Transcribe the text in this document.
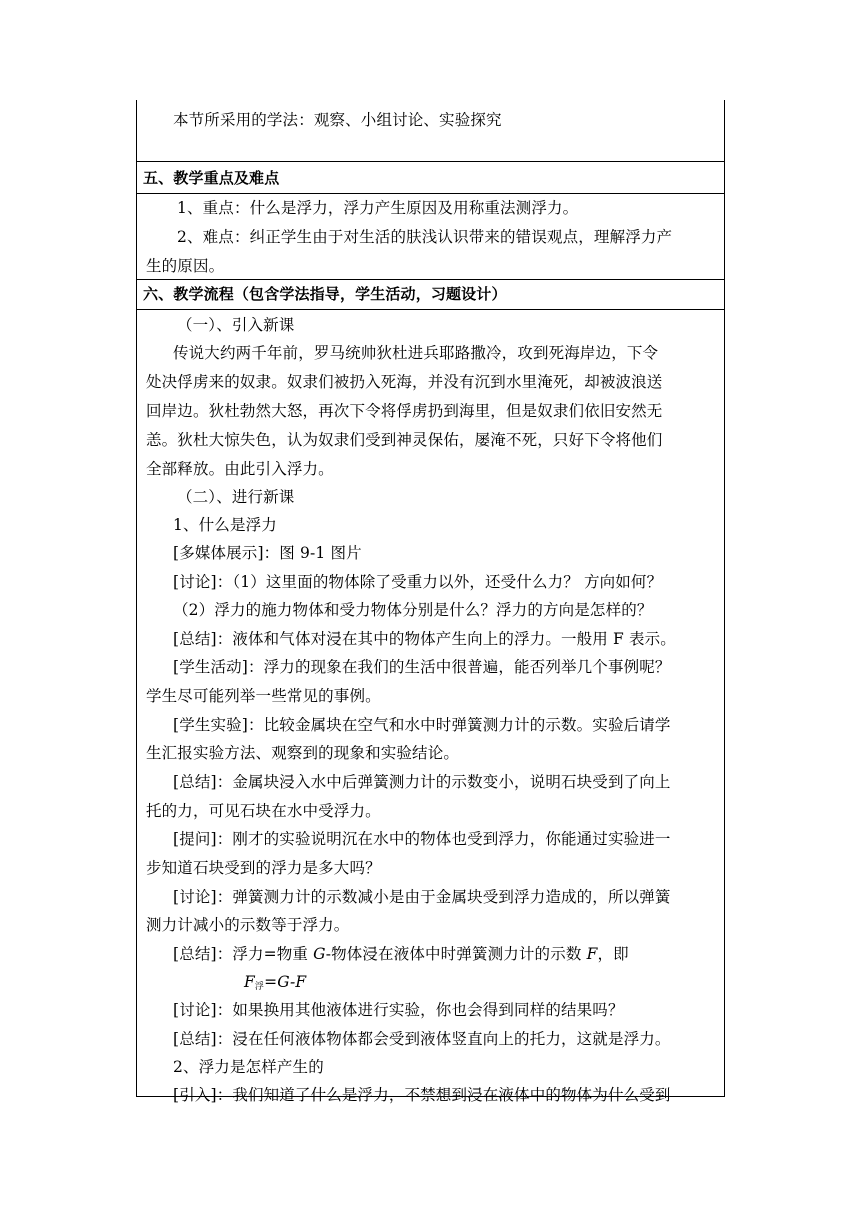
本节所采用的学法：观察、小组讨论、实验探究
五、教学重点及难点
1、重点：什么是浮力，浮力产生原因及用称重法测浮力。
2、难点：纠正学生由于对生活的肤浅认识带来的错误观点，理解浮力产
生的原因。
六、教学流程（包含学法指导，学生活动，习题设计）
（一）、引入新课
传说大约两千年前，罗马统帅狄杜进兵耶路撒冷，攻到死海岸边，下令
处决俘虏来的奴隶。奴隶们被扔入死海，并没有沉到水里淹死，却被波浪送
回岸边。狄杜勃然大怒，再次下令将俘虏扔到海里，但是奴隶们依旧安然无
恙。狄杜大惊失色，认为奴隶们受到神灵保佑，屡淹不死，只好下令将他们
全部释放。由此引入浮力。
（二）、进行新课
1、什么是浮力
[多媒体展示]：图 9-1 图片
[讨论]：（1）这里面的物体除了受重力以外，还受什么力？ 方向如何？
（2）浮力的施力物体和受力物体分别是什么？浮力的方向是怎样的？
[总结]：液体和气体对浸在其中的物体产生向上的浮力。一般用 F 表示。
[学生活动]：浮力的现象在我们的生活中很普遍，能否列举几个事例呢？
学生尽可能列举一些常见的事例。
[学生实验]：比较金属块在空气和水中时弹簧测力计的示数。实验后请学
生汇报实验方法、观察到的现象和实验结论。
[总结]：金属块浸入水中后弹簧测力计的示数变小，说明石块受到了向上
托的力，可见石块在水中受浮力。
[提问]：刚才的实验说明沉在水中的物体也受到浮力，你能通过实验进一
步知道石块受到的浮力是多大吗？
[讨论]：弹簧测力计的示数减小是由于金属块受到浮力造成的，所以弹簧
测力计减小的示数等于浮力。
[总结]：浮力=物重 G-物体浸在液体中时弹簧测力计的示数 F，即
$F_浮=G-F$
[讨论]：如果换用其他液体进行实验，你也会得到同样的结果吗？
[总结]：浸在任何液体物体都会受到液体竖直向上的托力，这就是浮力。
2、浮力是怎样产生的
[引入]：我们知道了什么是浮力，不禁想到浸在液体中的物体为什么受到
